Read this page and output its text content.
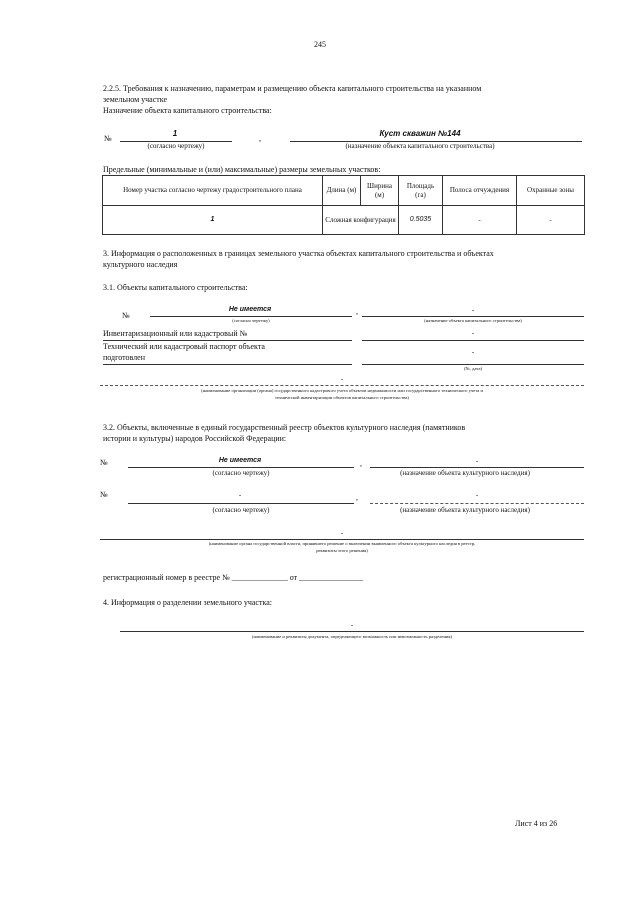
245
2.2.5. Требования к назначению, параметрам и размещению объекта капитального строительства на указанном
земельном участке
Назначение объекта капитального строительства:
№
1
(согласно чертежу)
,
Куст скважин №144
(назначение объекта капитального строительства)
Предельные (минимальные и (или) максимальные) размеры земельных участков:
Номер участка согласно чертежу градостроительного плана	Длина (м)	Ширина (м)	Площадь (га)	Полоса отчуждения	Охранные зоны
1	Сложная конфигурация		0.5035	-	-
3. Информация о расположенных в границах земельного участка объектах капитального строительства и объектах
культурного наследия
3.1. Объекты капитального строительства:
№
Не имеется
(согласно чертежу)
,	-
(назначение объекта капитального строительства)
Инвентаризационный или кадастровый №	-
Технический или кадастровый паспорт объекта
подготовлен
-
(№, дата)
-
(наименование организации (органа) государственного кадастрового учета объектов недвижимости или государственного технического учета и
технической инвентаризации объектов капитального строительства)
3.2. Объекты, включенные в единый государственный реестр объектов культурного наследия (памятников
истории и культуры) народов Российской Федерации:
№	Не имеется
(согласно чертежу)
,	-
(назначение объекта культурного наследия)
№	-
(согласно чертежу)
,	-
(назначение объекта культурного наследия)
-
(наименование органа государственной власти, принявшего решение о включении выявленного объекта культурного наследия в реестр,
реквизиты этого решения)
регистрационный номер в реестре № ______________ от ________________
4. Информация о разделении земельного участка:
-
(наименование и реквизиты документа, определяющего возможность или невозможность разделения)
Лист 4 из 26
